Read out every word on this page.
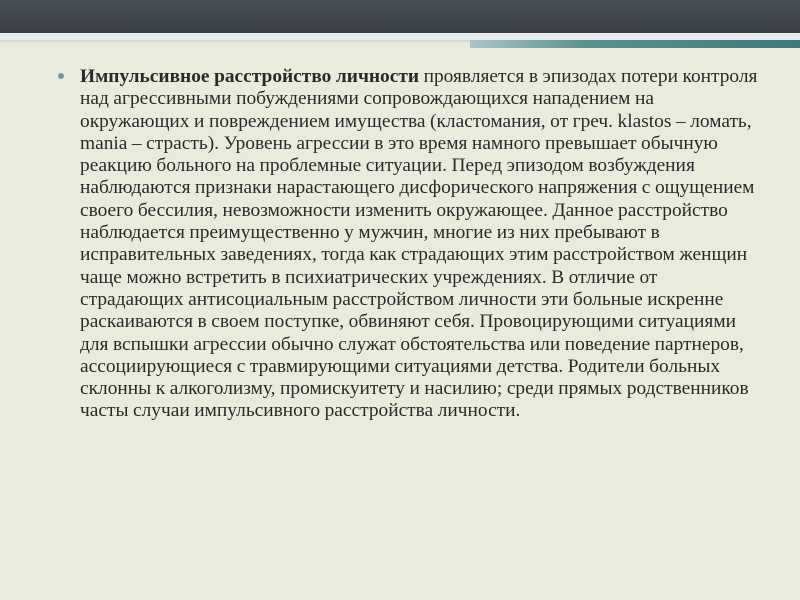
Импульсивное расстройство личности проявляется в эпизодах потери контроля над агрессивными побуждениями сопровождающихся нападением на окружающих и повреждением имущества (кластомания, от греч. klastos – ломать, mania – страсть). Уровень агрессии в это время намного превышает обычную реакцию больного на проблемные ситуации. Перед эпизодом возбуждения наблюдаются признаки нарастающего дисфорического напряжения с ощущением своего бессилия, невозможности изменить окружающее. Данное расстройство наблюдается преимущественно у мужчин, многие из них пребывают в исправительных заведениях, тогда как страдающих этим расстройством женщин чаще можно встретить в психиатрических учреждениях. В отличие от страдающих антисоциальным расстройством личности эти больные искренне раскаиваются в своем поступке, обвиняют себя. Провоцирующими ситуациями для вспышки агрессии обычно служат обстоятельства или поведение партнеров, ассоциирующиеся с травмирующими ситуациями детства. Родители больных склонны к алкоголизму, промискуитету и насилию; среди прямых родственников часты случаи импульсивного расстройства личности.
